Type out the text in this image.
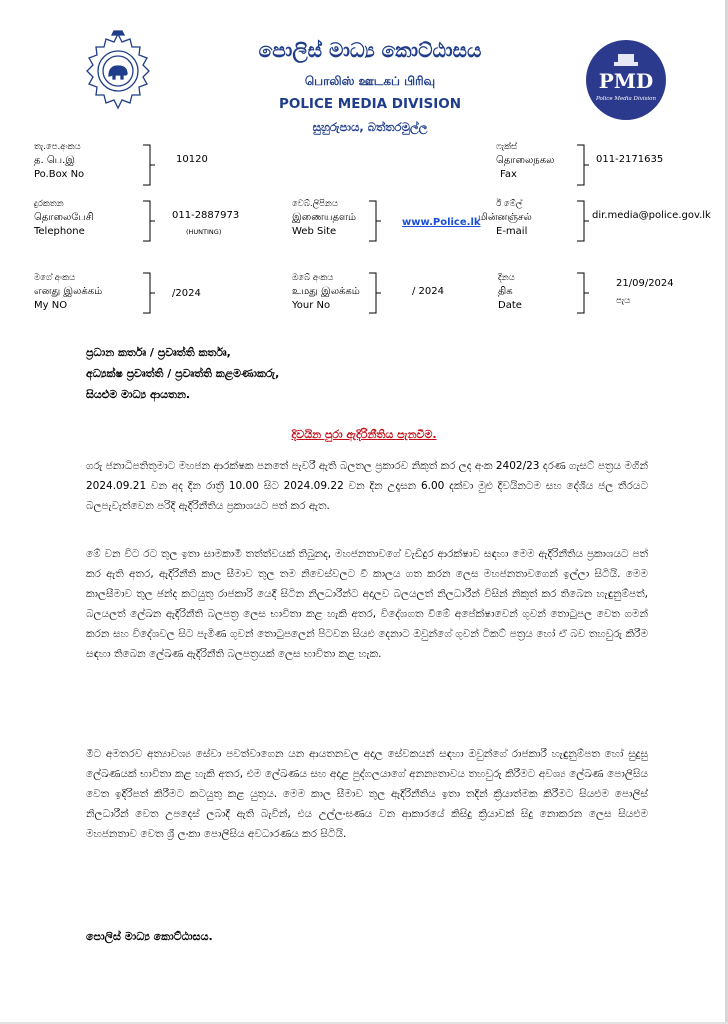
පොලිස් මාධ්‍ය කොට්ඨාසය
பொலிஸ் ஊடகப் பிரிவு
POLICE MEDIA DIVISION
සුහුරුපාය, බත්තරමුල්ල
PMD
Police Media Division
තැ.පෙ.අංකය
த. பெ.இ
Po.Box No
10120
ෆැක්ස්
தொலைநகல
Fax
011-2171635
දුරකතන
தொலைபேசி
Telephone
011-2887973
(HUNTING)
වෙබ්.ලිපිනය
இணையதளம்
Web Site
www.Police.lk
ඊ මේල්
மின்னஞ்சல்
E-mail
dir.media@police.gov.lk
මගේ අංකය
எனது இலக்கம்
My NO
/2024
ඔබේ අංකය
உமது இலக்கம்
Your No
/ 2024
දිනය
திக
Date
21/09/2024
පැය
ප්‍රධාන කර්තෘ / ප්‍රවෘත්ති කර්තෘ,
අධ්‍යක්ෂ ප්‍රවෘත්ති / ප්‍රවෘත්ති කළමණාකරු,
සියළුම මාධ්‍ය ආයතන.
දිවයින පුරා ඇදිරිනීතිය පැනවීම.
ගරු ජනාධිපතිතුමාට මහජන ආරක්ෂක පනතේ පැවරී ඇති බලතල ප්‍රකාරව නිකුත් කර ලද අංක 2402/23 දරණ ගැසට් පත්‍රය මගින් 2024.09.21 වන අද දින රාත්‍රී 10.00 සිට 2024.09.22 වන දින උදෑසන 6.00 දක්වා මුළු දිවයිනටම සහ දේශීය ජල තීරයට බලපැවැත්වෙන පරිදි ඇදිරිනීතිය ප්‍රකාශයට පත් කර ඇත.
මේ වන විට රට තුල ඉතා සාමකාමී තත්ත්වයක් තිබුනද, මහජනතාවගේ වැඩිදුර ආරක්ෂාව සඳහා මෙම ඇදිරිනීතිය ප්‍රකාශයට පත් කර ඇති අතර, ඇදිරිනීති කාල සීමාව තුල තම නිවෙස්වලට වී කාලය ගත කරන ලෙස මහජනතාවගෙන් ඉල්ලා සිටියි. මෙම කාලසීමාව තුල ඡන්ද කටයුතු රාජකාරි යෙදී සිටින නිලධාරීන්ට අදාලව බලයලත් නිලධාරීන් විසින් නිකුත් කර තිබෙන හැඳුනුම්පත්, බලයලත් ලේඛන ඇදිරිනීති බලපත්‍ර ලෙස භාවිතා කළ හැකි අතර, විදේශගත වීමේ අපේක්ෂාවෙන් ගුවන් තොටුපල වෙත ගමන් කරන සහ විදේශවල සිට පැමිණ ගුවන් තොටුපලෙන් පිටවන සියළු දෙනාට ඔවුන්ගේ ගුවන් ටිකට් පත්‍රය හෝ ඒ බව තහවුරු කිරීම සඳහා තිබෙන ලේඛණ ඇදිරිනීති බලපත්‍රයක් ලෙස භාවිතා කළ හැක.
මීට අමතරව අත්‍යාවශ්‍ය සේවා පවත්වාගෙන යන ආයතනවල අදාල සේවකයන් සඳහා ඔවුන්ගේ රාජකාරී හැඳුනුම්පත හෝ සුදුසු ලේඛණයක් භාවිතා කළ හැකි අතර, එම ලේඛණය සහ අදාළ පුද්ගලයාගේ අනන්‍යතාවය තහවුරු කිරීමට අවශ්‍ය ලේඛණ පොලිසිය වෙත ඉදිරිපත් කිරීමට කටයුතු කළ යුතුය. මෙම කාල සීමාව තුල ඇදිරිනීතිය ඉතා තදින් ක්‍රියාත්මක කිරීමට සියළුම පොලිස් නිලධාරීන් වෙත උපදෙස් ලබාදී ඇති බැවින්, එය උල්ලංඝණය වන ආකාරයේ කිසිදු ක්‍රියාවක් සිදු නොකරන ලෙස සියළුම මහජනතාව වෙත ශ්‍රී ලංකා පොලිසිය අවධාරණය කර සිටියි.
පොලිස් මාධ්‍ය කොට්ඨාසය.
